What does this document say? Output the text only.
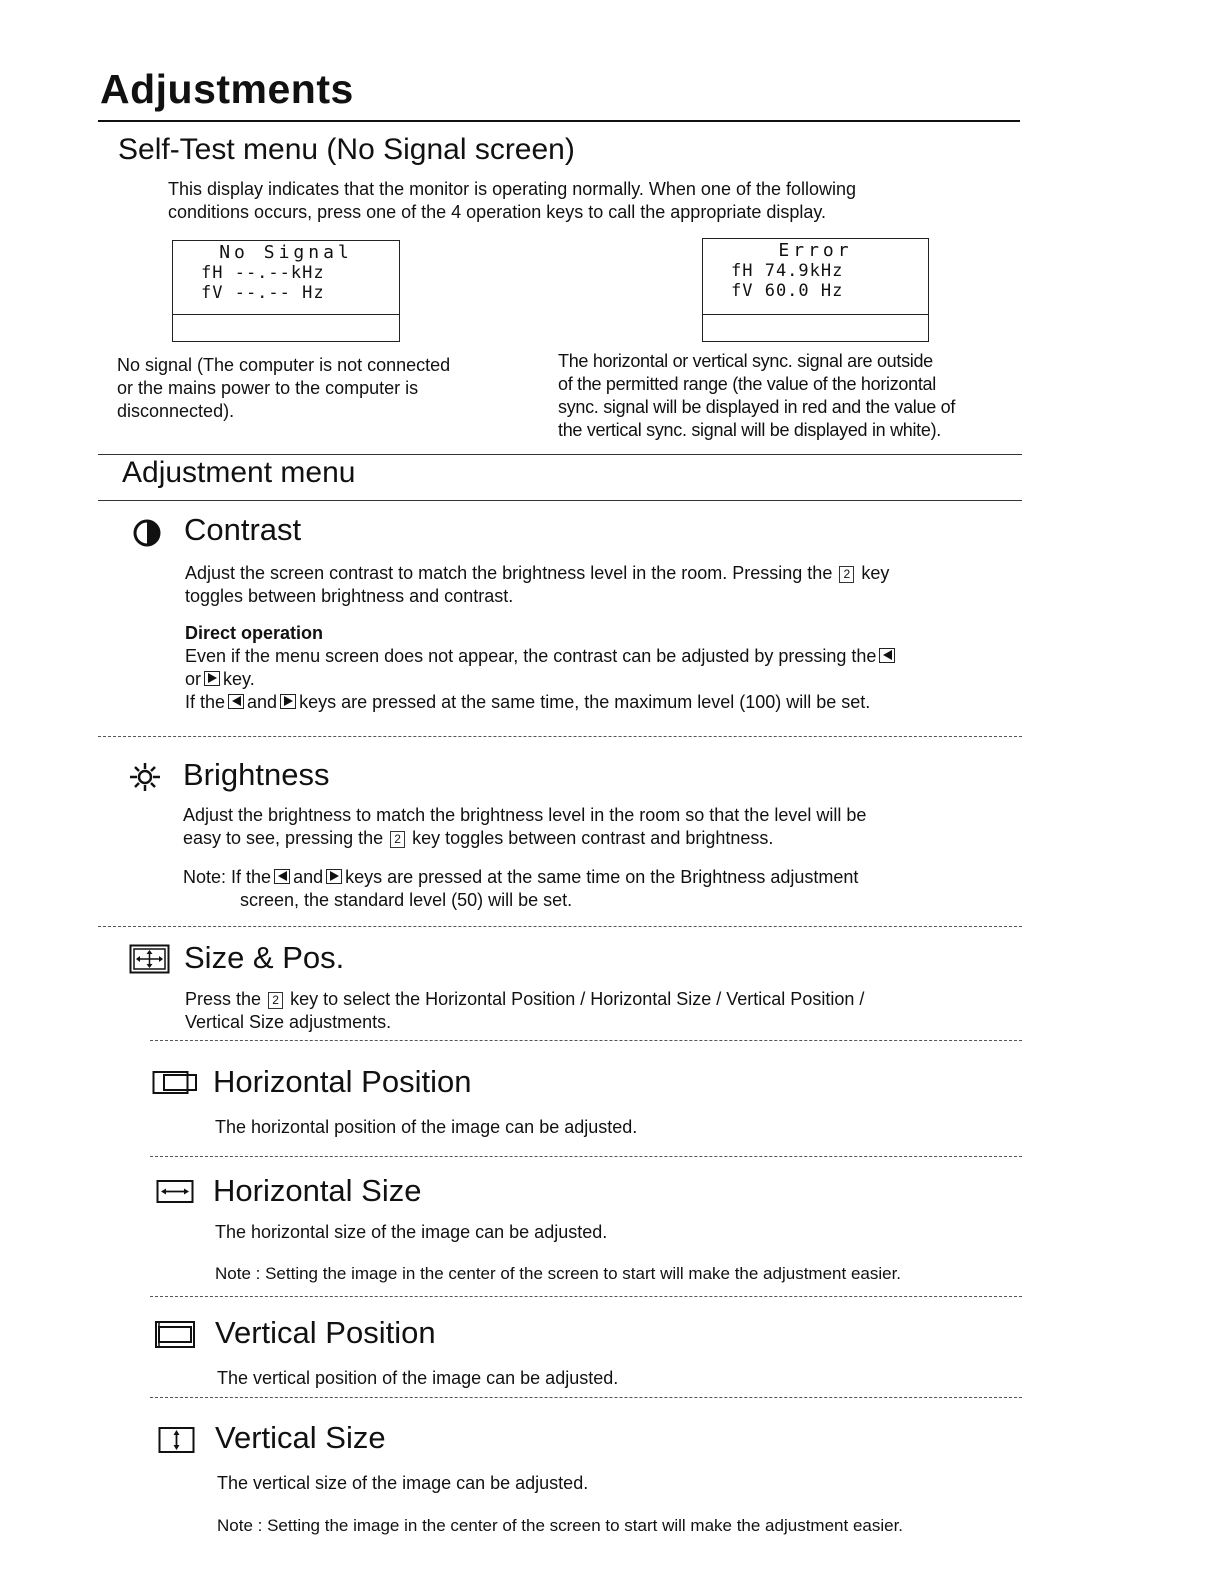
Adjustments
Self-Test menu (No Signal screen)
This display indicates that the monitor is operating normally. When one of the following
conditions occurs, press one of the 4 operation keys to call the appropriate display.
No Signal
fH --.--kHz
fV --.-- Hz
Error
fH 74.9kHz
fV 60.0 Hz
No signal (The computer is not connected
or the mains power to the computer is
disconnected).
The horizontal or vertical sync. signal are outside
of the permitted range (the value of the horizontal
sync. signal will be displayed in red and the value of
the vertical sync. signal will be displayed in white).
Adjustment menu
Contrast
Adjust the screen contrast to match the brightness level in the room. Pressing the 2 key
toggles between brightness and contrast.
Direct operation
Even if the menu screen does not appear, the contrast can be adjusted by pressing the
or key.
If the and keys are pressed at the same time, the maximum level (100) will be set.
Brightness
Adjust the brightness to match the brightness level in the room so that the level will be
easy to see, pressing the 2 key toggles between contrast and brightness.
Note: If the and keys are pressed at the same time on the Brightness adjustment
screen, the standard level (50) will be set.
Size & Pos.
Press the 2 key to select the Horizontal Position / Horizontal Size / Vertical Position /
Vertical Size adjustments.
Horizontal Position
The horizontal position of the image can be adjusted.
Horizontal Size
The horizontal size of the image can be adjusted.
Note : Setting the image in the center of the screen to start will make the adjustment easier.
Vertical Position
The vertical position of the image can be adjusted.
Vertical Size
The vertical size of the image can be adjusted.
Note : Setting the image in the center of the screen to start will make the adjustment easier.
